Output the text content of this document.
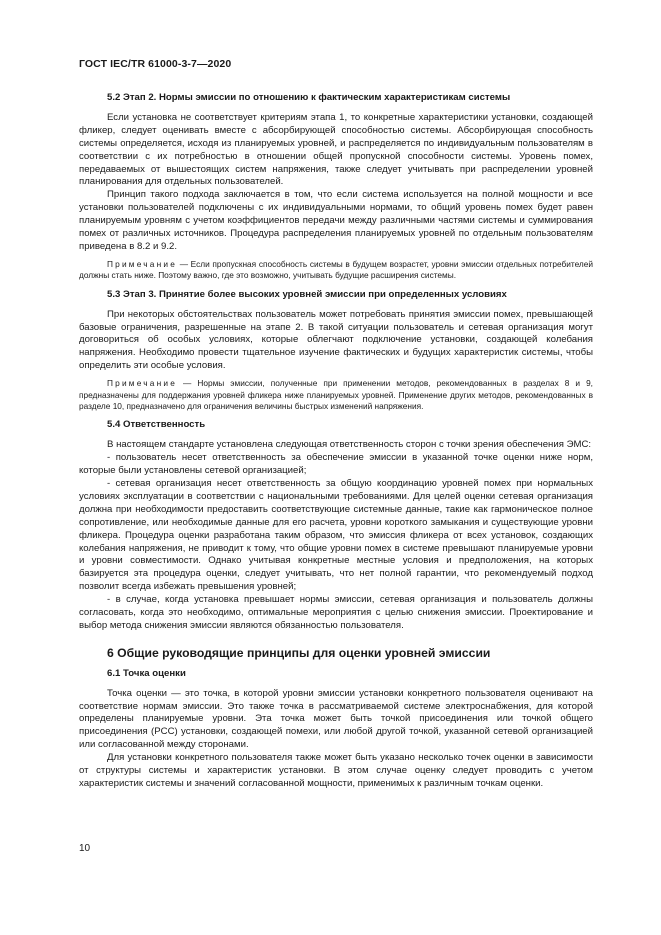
ГОСТ IEC/TR 61000-3-7—2020
5.2 Этап 2. Нормы эмиссии по отношению к фактическим характеристикам системы

Если установка не соответствует критериям этапа 1, то конкретные характеристики установки, создающей фликер, следует оценивать вместе с абсорбирующей способностью системы. Абсорбирующая способность системы определяется, исходя из планируемых уровней, и распределяется по индивидуальным пользователям в соответствии с их потребностью в отношении общей пропускной способности системы. Уровень помех, передаваемых от вышестоящих систем напряжения, также следует учитывать при распределении уровней планирования для отдельных пользователей.

Принцип такого подхода заключается в том, что если система используется на полной мощности и все установки пользователей подключены с их индивидуальными нормами, то общий уровень помех будет равен планируемым уровням с учетом коэффициентов передачи между различными частями системы и суммирования помех от различных источников. Процедура распределения планируемых уровней по отдельным пользователям приведена в 8.2 и 9.2.

Примечание — Если пропускная способность системы в будущем возрастет, уровни эмиссии отдельных потребителей должны стать ниже. Поэтому важно, где это возможно, учитывать будущие расширения системы.
5.3 Этап 3. Принятие более высоких уровней эмиссии при определенных условиях

При некоторых обстоятельствах пользователь может потребовать принятия эмиссии помех, превышающей базовые ограничения, разрешенные на этапе 2. В такой ситуации пользователь и сетевая организация могут договориться об особых условиях, которые облегчают подключение установки, создающей колебания напряжения. Необходимо провести тщательное изучение фактических и будущих характеристик системы, чтобы определить эти особые условия.

Примечание — Нормы эмиссии, полученные при применении методов, рекомендованных в разделах 8 и 9, предназначены для поддержания уровней фликера ниже планируемых уровней. Применение других методов, рекомендованных в разделе 10, предназначено для ограничения величины быстрых изменений напряжения.
5.4 Ответственность

В настоящем стандарте установлена следующая ответственность сторон с точки зрения обеспечения ЭМС:

- пользователь несет ответственность за обеспечение эмиссии в указанной точке оценки ниже норм, которые были установлены сетевой организацией;

- сетевая организация несет ответственность за общую координацию уровней помех при нормальных условиях эксплуатации в соответствии с национальными требованиями. Для целей оценки сетевая организация должна при необходимости предоставить соответствующие системные данные, такие как гармоническое полное сопротивление, или необходимые данные для его расчета, уровни короткого замыкания и существующие уровни фликера. Процедура оценки разработана таким образом, что эмиссия фликера от всех установок, создающих колебания напряжения, не приводит к тому, что общие уровни помех в системе превышают планируемые уровни и уровни совместимости. Однако учитывая конкретные местные условия и предположения, на которых базируется эта процедура оценки, следует учитывать, что нет полной гарантии, что рекомендуемый подход позволит всегда избежать превышения уровней;

- в случае, когда установка превышает нормы эмиссии, сетевая организация и пользователь должны согласовать, когда это необходимо, оптимальные мероприятия с целью снижения эмиссии. Проектирование и выбор метода снижения эмиссии являются обязанностью пользователя.

6 Общие руководящие принципы для оценки уровней эмиссии
6.1 Точка оценки

Точка оценки — это точка, в которой уровни эмиссии установки конкретного пользователя оценивают на соответствие нормам эмиссии. Это также точка в рассматриваемой системе электроснабжения, для которой определены планируемые уровни. Эта точка может быть точкой присоединения или точкой общего присоединения (PCC) установки, создающей помехи, или любой другой точкой, указанной сетевой организацией или согласованной между сторонами.

Для установки конкретного пользователя также может быть указано несколько точек оценки в зависимости от структуры системы и характеристик установки. В этом случае оценку следует проводить с учетом характеристик системы и значений согласованной мощности, применимых к различным точкам оценки.

10
